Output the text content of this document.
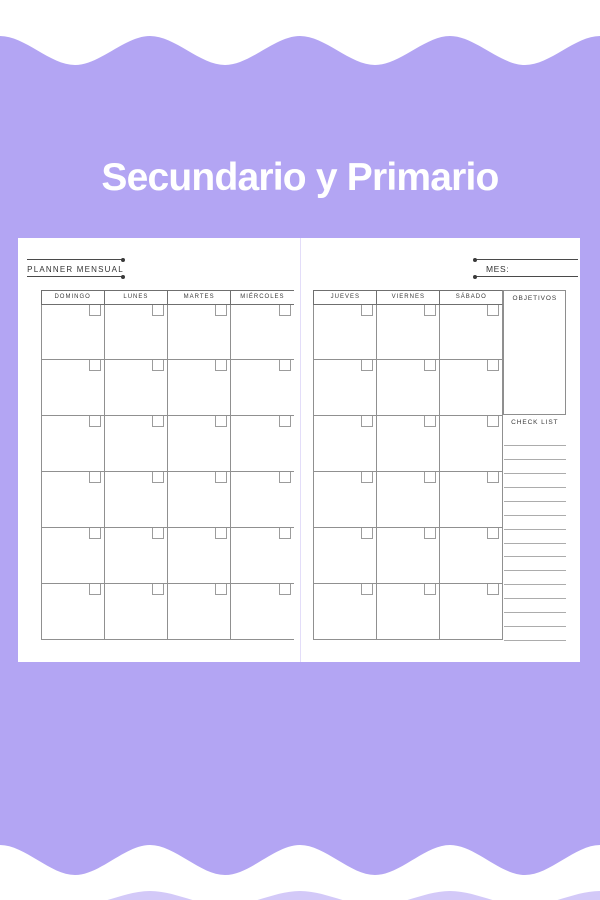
Secundario y Primario
PLANNER MENSUAL
DOMINGO	LUNES	MARTES	MIÉRCOLES
MES:
JUEVES	VIERNES	SÁBADO	OBJETIVOS
CHECK LIST
